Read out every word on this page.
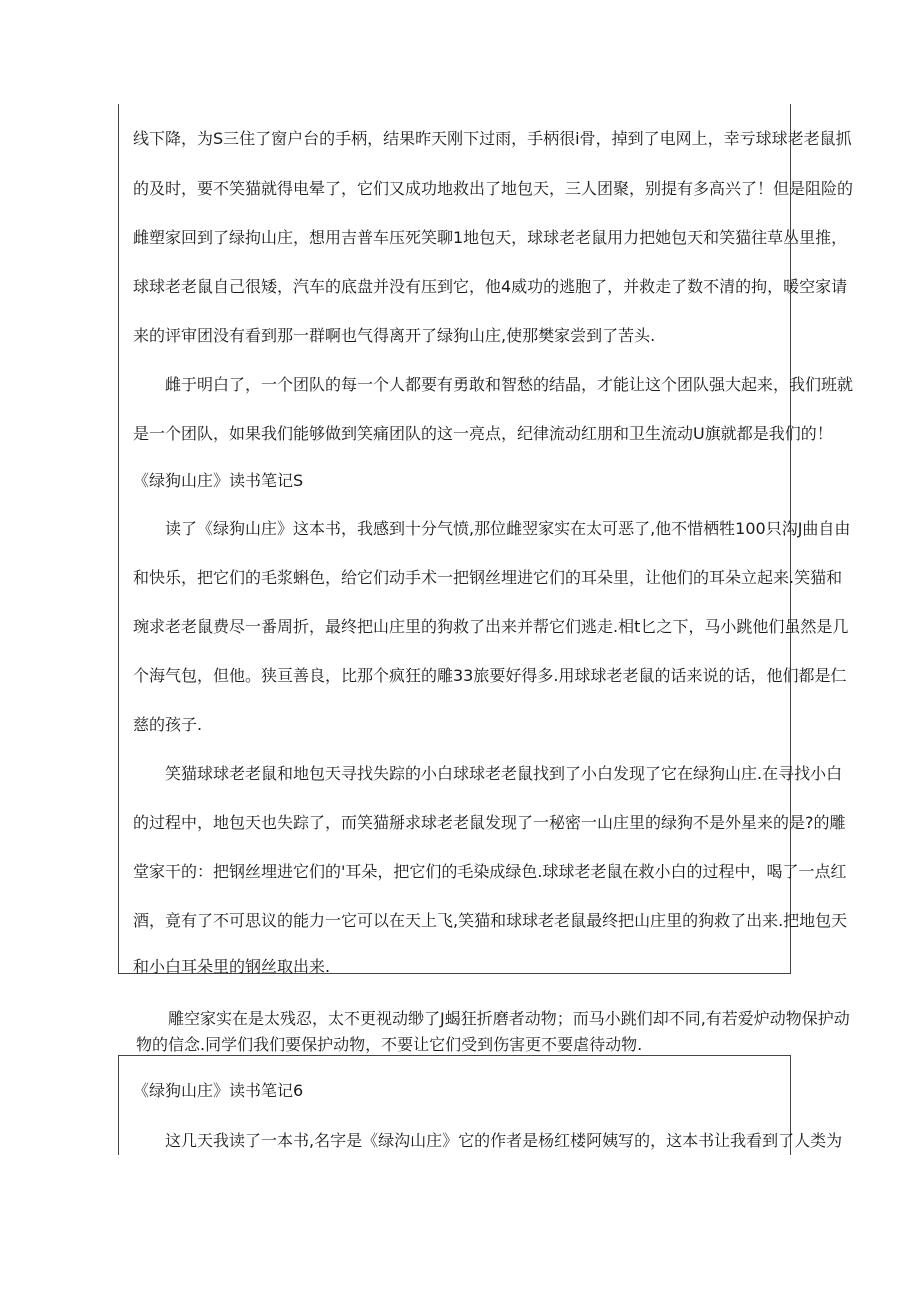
线下降，为S三住了窗户台的手柄，结果昨天刚下过雨，手柄很i骨，掉到了电网上，幸亏球球老老鼠抓
的及时，要不笑猫就得电晕了，它们又成功地救出了地包天，三人团聚，别提有多高兴了！但是阻险的
雌塑家回到了绿拘山庄，想用吉普车压死笑聊1地包天，球球老老鼠用力把她包天和笑猫往草丛里推，
球球老老鼠自己很矮，汽车的底盘并没有压到它，他4威功的逃胞了，并救走了数不清的拘，暖空家请
来的评审团没有看到那一群啊也气得离开了绿狗山庄,使那樊家尝到了苦头.
雌于明白了，一个团队的每一个人都要有勇敢和智愁的结晶，才能让这个团队强大起来，我们班就
是一个团队，如果我们能够做到笑痛团队的这一亮点，纪律流动红朋和卫生流动U旗就都是我们的！
《绿狗山庄》读书笔记S
读了《绿狗山庄》这本书，我感到十分气愤,那位雌翌家实在太可恶了,他不惜栖牲100只沟J曲自由
和快乐，把它们的毛浆蝌色，给它们动手术一把钢丝埋进它们的耳朵里，让他们的耳朵立起来.笑猫和
琬求老老鼠费尽一番周折，最终把山庄里的狗救了出来并帮它们逃走.相t匕之下，马小跳他们虽然是几
个海气包，但他。狭亘善良，比那个疯狂的雕33旅要好得多.用球球老老鼠的话来说的话，他们都是仁
慈的孩子.
笑猫球球老老鼠和地包天寻找失踪的小白球球老老鼠找到了小白发现了它在绿狗山庄.在寻找小白
的过程中，地包天也失踪了，而笑猫掰求球老老鼠发现了一秘密一山庄里的绿狗不是外星来的是?的雕
堂家干的：把钢丝埋进它们的'耳朵，把它们的毛染成绿色.球球老老鼠在救小白的过程中，喝了一点红
酒，竟有了不可思议的能力一它可以在天上飞,笑猫和球球老老鼠最终把山庄里的狗救了出来.把地包天
和小白耳朵里的钢丝取出来.
雕空家实在是太残忍，太不更视动缈了J蝎狂折磨者动物；而马小跳们却不同,有若爱炉动物保护动
物的信念.同学们我们要保护动物，不要让它们受到伤害更不要虐待动物.
《绿狗山庄》读书笔记6
这几天我读了一本书,名字是《绿沟山庄》它的作者是杨红楼阿姨写的，这本书让我看到了人类为
